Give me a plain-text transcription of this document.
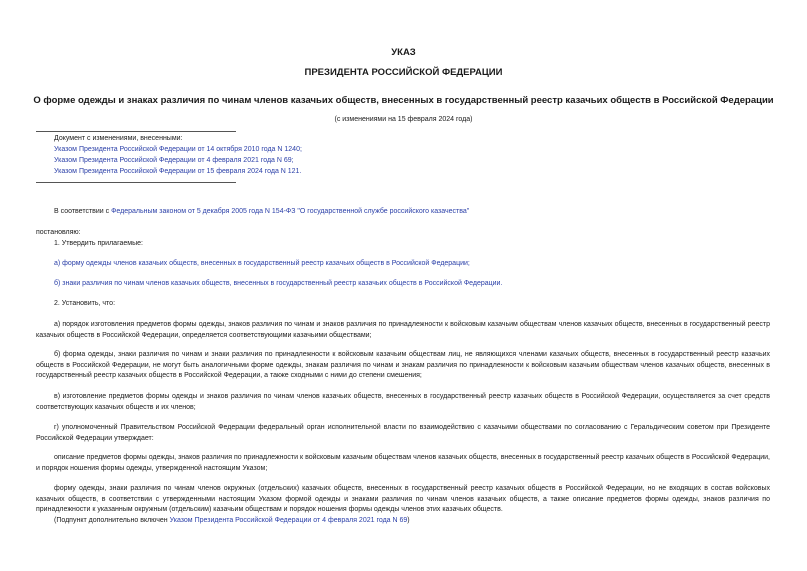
УКАЗ
ПРЕЗИДЕНТА РОССИЙСКОЙ ФЕДЕРАЦИИ
О форме одежды и знаках различия по чинам членов казачьих обществ, внесенных в государственный реестр казачьих обществ в Российской Федерации
(с изменениями на 15 февраля 2024 года)
Документ с изменениями, внесенными:
Указом Президента Российской Федерации от 14 октября 2010 года N 1240;
Указом Президента Российской Федерации от 4 февраля 2021 года N 69;
Указом Президента Российской Федерации от 15 февраля 2024 года N 121.
В соответствии с Федеральным законом от 5 декабря 2005 года N 154-ФЗ "О государственной службе российского казачества"
постановляю:
1. Утвердить прилагаемые:
а) форму одежды членов казачьих обществ, внесенных в государственный реестр казачьих обществ в Российской Федерации;
б) знаки различия по чинам членов казачьих обществ, внесенных в государственный реестр казачьих обществ в Российской Федерации.
2. Установить, что:
а) порядок изготовления предметов формы одежды, знаков различия по чинам и знаков различия по принадлежности к войсковым казачьим обществам членов казачьих обществ, внесенных в государственный реестр казачьих обществ в Российской Федерации, определяется соответствующими казачьими обществами;
б) форма одежды, знаки различия по чинам и знаки различия по принадлежности к войсковым казачьим обществам лиц, не являющихся членами казачьих обществ, внесенных в государственный реестр казачьих обществ в Российской Федерации, не могут быть аналогичными форме одежды, знакам различия по чинам и знакам различия по принадлежности к войсковым казачьим обществам членов казачьих обществ, внесенных в государственный реестр казачьих обществ в Российской Федерации, а также сходными с ними до степени смешения;
в) изготовление предметов формы одежды и знаков различия по чинам членов казачьих обществ, внесенных в государственный реестр казачьих обществ в Российской Федерации, осуществляется за счет средств соответствующих казачьих обществ и их членов;
г) уполномоченный Правительством Российской Федерации федеральный орган исполнительной власти по взаимодействию с казачьими обществами по согласованию с Геральдическим советом при Президенте Российской Федерации утверждает:
описание предметов формы одежды, знаков различия по принадлежности к войсковым казачьим обществам членов казачьих обществ, внесенных в государственный реестр казачьих обществ в Российской Федерации, и порядок ношения формы одежды, утвержденной настоящим Указом;
форму одежды, знаки различия по чинам членов окружных (отдельских) казачьих обществ, внесенных в государственный реестр казачьих обществ в Российской Федерации, но не входящих в состав войсковых казачьих обществ, в соответствии с утвержденными настоящим Указом формой одежды и знаками различия по чинам членов казачьих обществ, а также описание предметов формы одежды, знаков различия по принадлежности к указанным окружным (отдельским) казачьим обществам и порядок ношения формы одежды членов этих казачьих обществ.
(Подпункт дополнительно включен Указом Президента Российской Федерации от 4 февраля 2021 года N 69)
